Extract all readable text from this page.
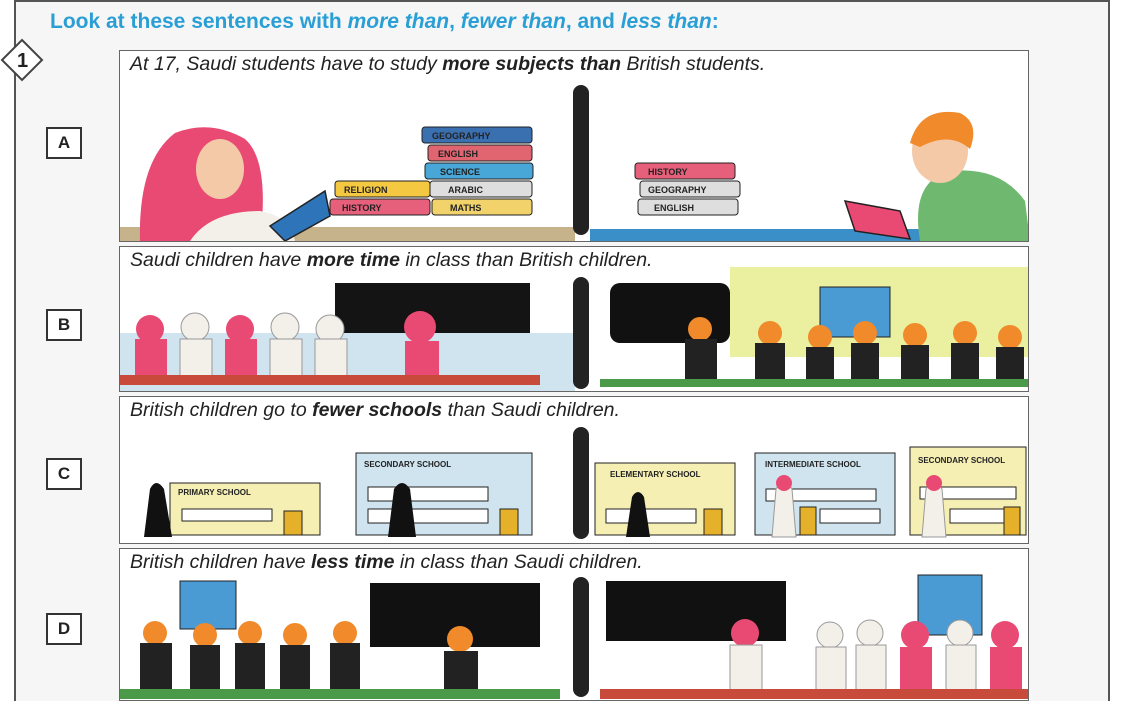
1
Look at these sentences with more than, fewer than, and less than:
A
B
C
D
At 17, Saudi students have to study more subjects than British students.
RELIGION
HISTORY
GEOGRAPHY
ENGLISH
SCIENCE
ARABIC
MATHS
HISTORY
GEOGRAPHY
ENGLISH
Saudi children have more time in class than British children.
British children go to fewer schools than Saudi children.
PRIMARY SCHOOL
SECONDARY SCHOOL
ELEMENTARY SCHOOL
INTERMEDIATE SCHOOL	SECONDARY SCHOOL
British children have less time in class than Saudi children.
